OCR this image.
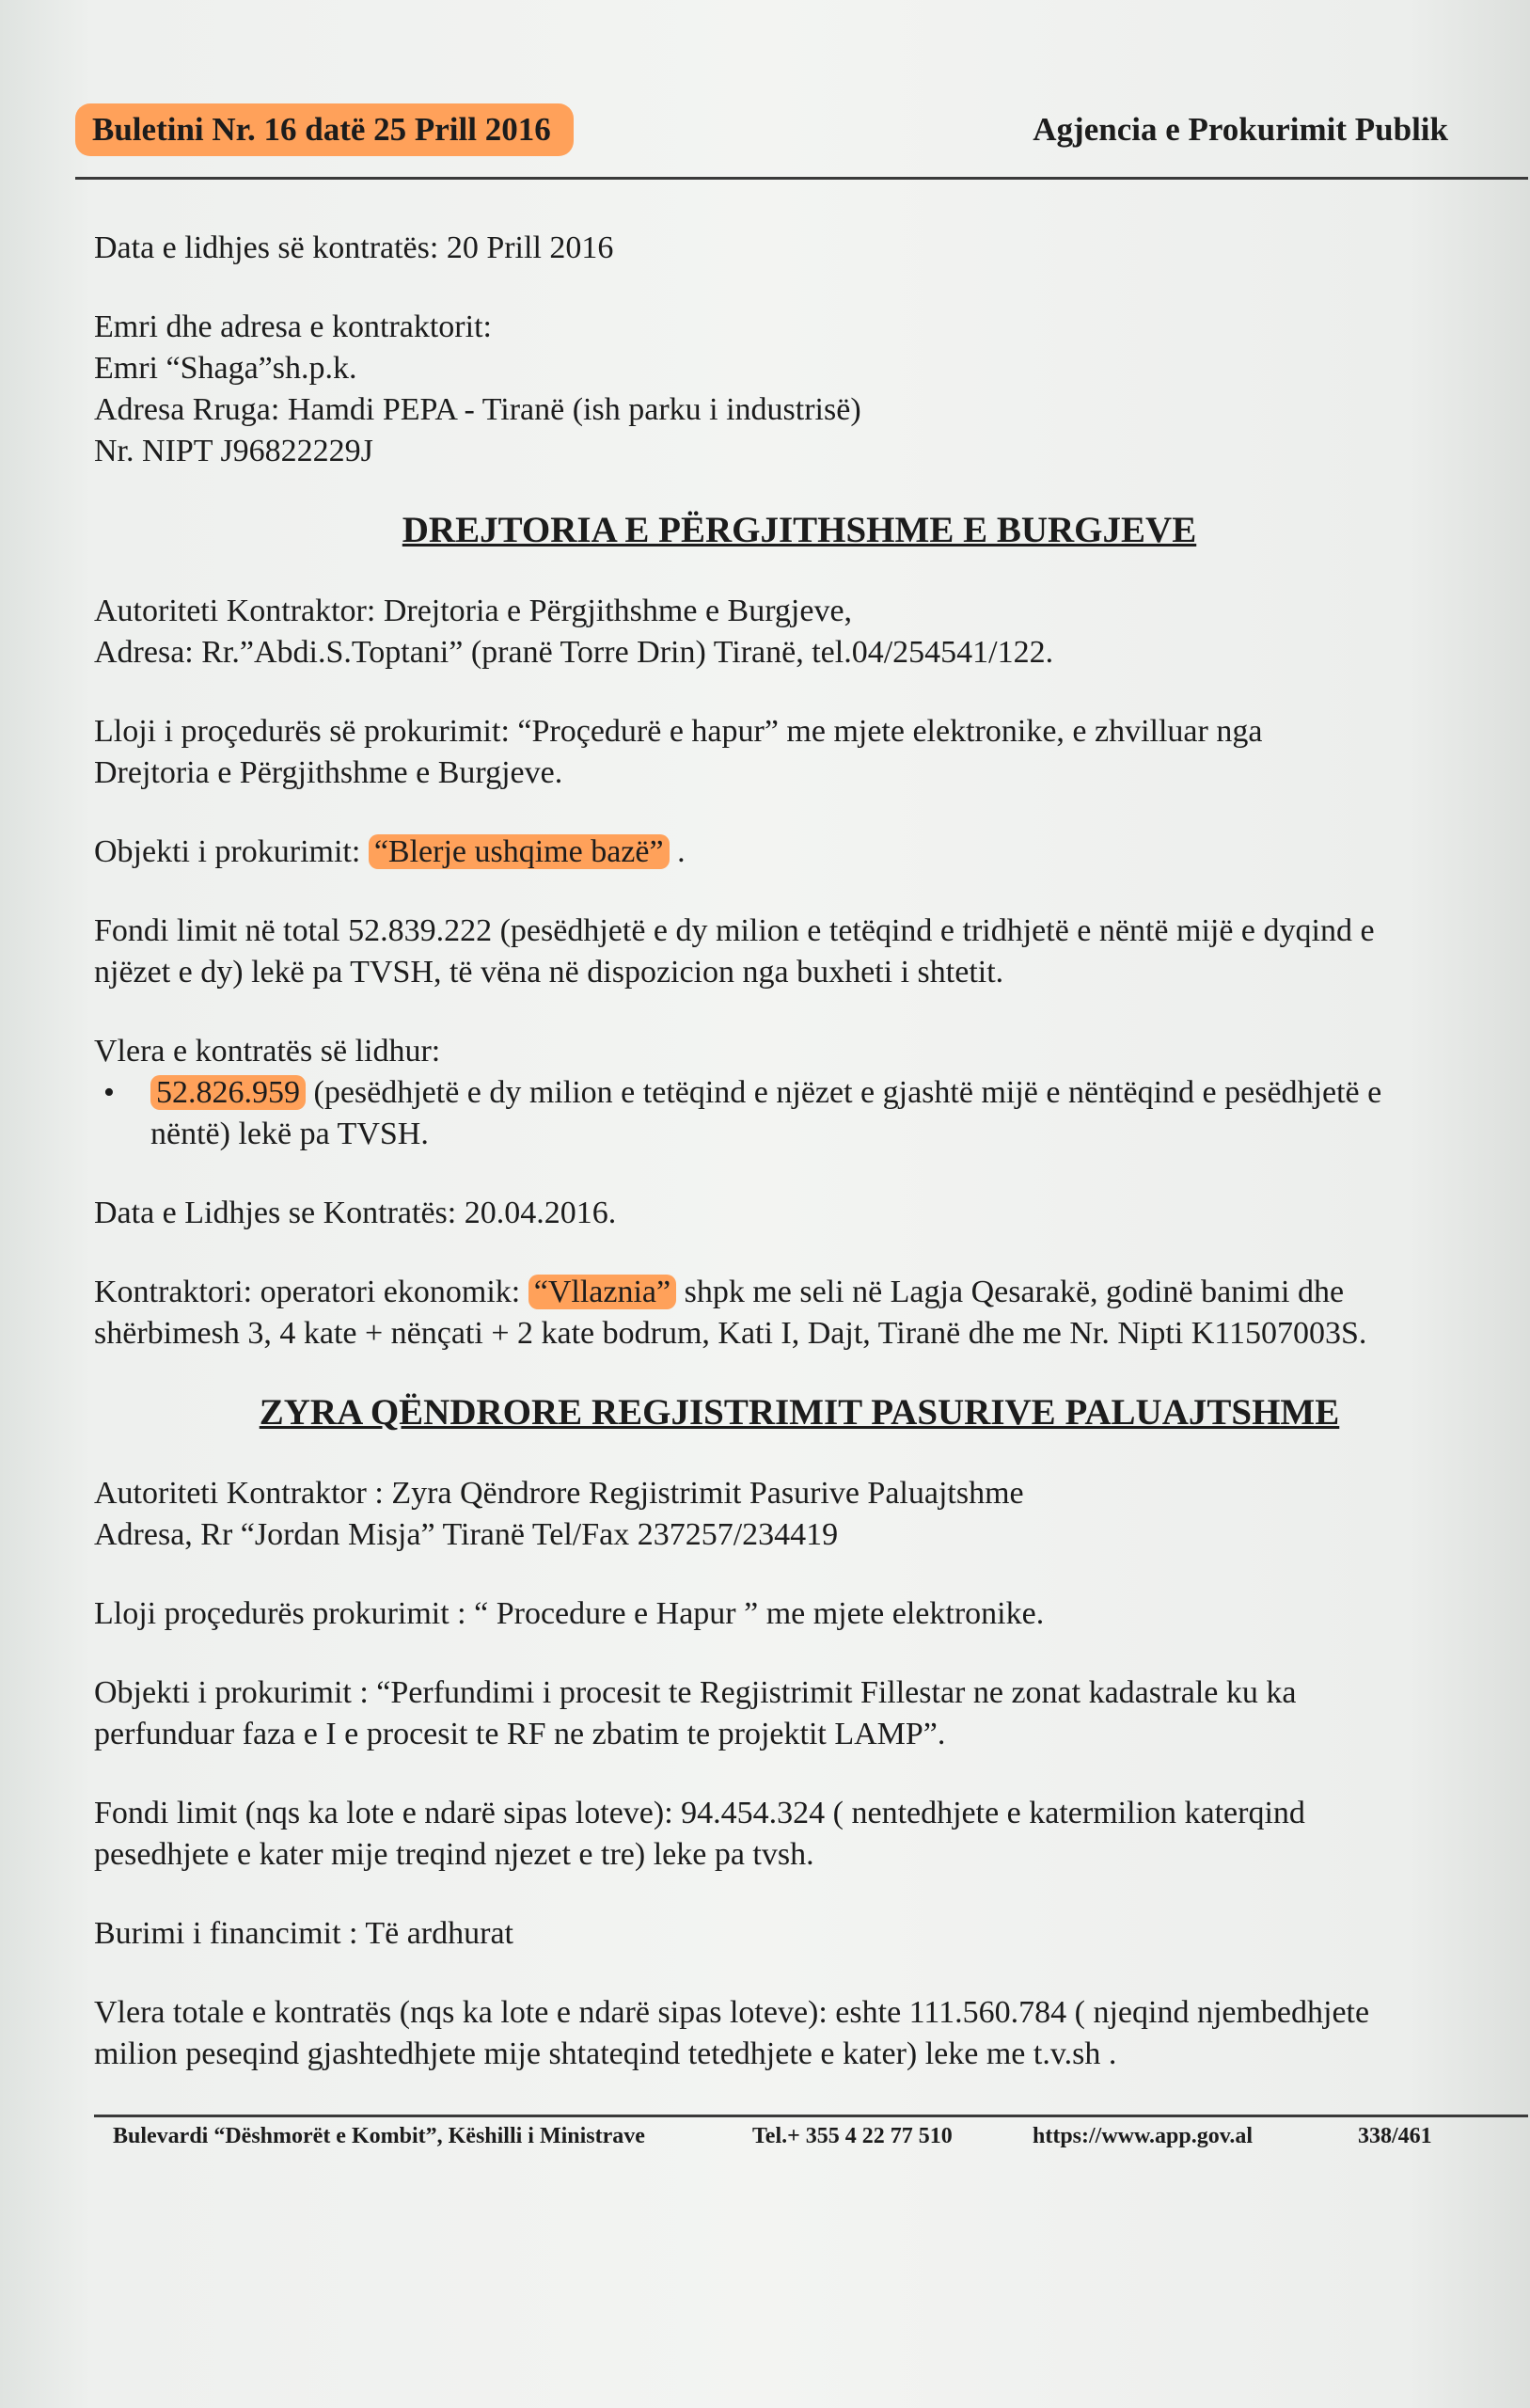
Buletini Nr. 16 datë 25 Prill 2016	Agjencia e Prokurimit Publik
Data e lidhjes së kontratës: 20 Prill 2016
Emri dhe adresa e kontraktorit:
Emri “Shaga”sh.p.k.
Adresa Rruga: Hamdi PEPA - Tiranë (ish parku i industrisë)
Nr. NIPT J96822229J
DREJTORIA E PËRGJITHSHME E BURGJEVE
Autoriteti Kontraktor: Drejtoria e Përgjithshme e Burgjeve,
Adresa: Rr.”Abdi.S.Toptani” (pranë Torre Drin) Tiranë, tel.04/254541/122.
Lloji i proçedurës së prokurimit: “Proçedurë e hapur” me mjete elektronike, e zhvilluar nga
Drejtoria e Përgjithshme e Burgjeve.
Objekti i prokurimit: “Blerje ushqime bazë” .
Fondi limit në total 52.839.222 (pesëdhjetë e dy milion e tetëqind e tridhjetë e nëntë mijë e dyqind e
njëzet e dy) lekë pa TVSH, të vëna në dispozicion nga buxheti i shtetit.
Vlera e kontratës së lidhur:
• 52.826.959 (pesëdhjetë e dy milion e tetëqind e njëzet e gjashtë mijë e nëntëqind e pesëdhjetë e
nëntë) lekë pa TVSH.
Data e Lidhjes se Kontratës: 20.04.2016.
Kontraktori: operatori ekonomik: “Vllaznia” shpk me seli në Lagja Qesarakë, godinë banimi dhe
shërbimesh 3, 4 kate + nënçati + 2 kate bodrum, Kati I, Dajt, Tiranë dhe me Nr. Nipti K11507003S.
ZYRA QËNDRORE REGJISTRIMIT PASURIVE PALUAJTSHME
Autoriteti Kontraktor : Zyra Qëndrore Regjistrimit Pasurive Paluajtshme
Adresa, Rr “Jordan Misja” Tiranë Tel/Fax 237257/234419
Lloji proçedurës prokurimit : “ Procedure e Hapur ” me mjete elektronike.
Objekti i prokurimit : “Perfundimi i procesit te Regjistrimit Fillestar ne zonat kadastrale ku ka
perfunduar faza e I e procesit te RF ne zbatim te projektit LAMP”.
Fondi limit (nqs ka lote e ndarë sipas loteve): 94.454.324 ( nentedhjete e katermilion katerqind
pesedhjete e kater mije treqind njezet e tre) leke pa tvsh.
Burimi i financimit : Të ardhurat
Vlera totale e kontratës (nqs ka lote e ndarë sipas loteve): eshte 111.560.784 ( njeqind njembedhjete
milion peseqind gjashtedhjete mije shtateqind tetedhjete e kater) leke me t.v.sh .
Bulevardi “Dëshmorët e Kombit”, Këshilli i Ministrave	Tel.+ 355 4 22 77 510	https://www.app.gov.al	338/461
